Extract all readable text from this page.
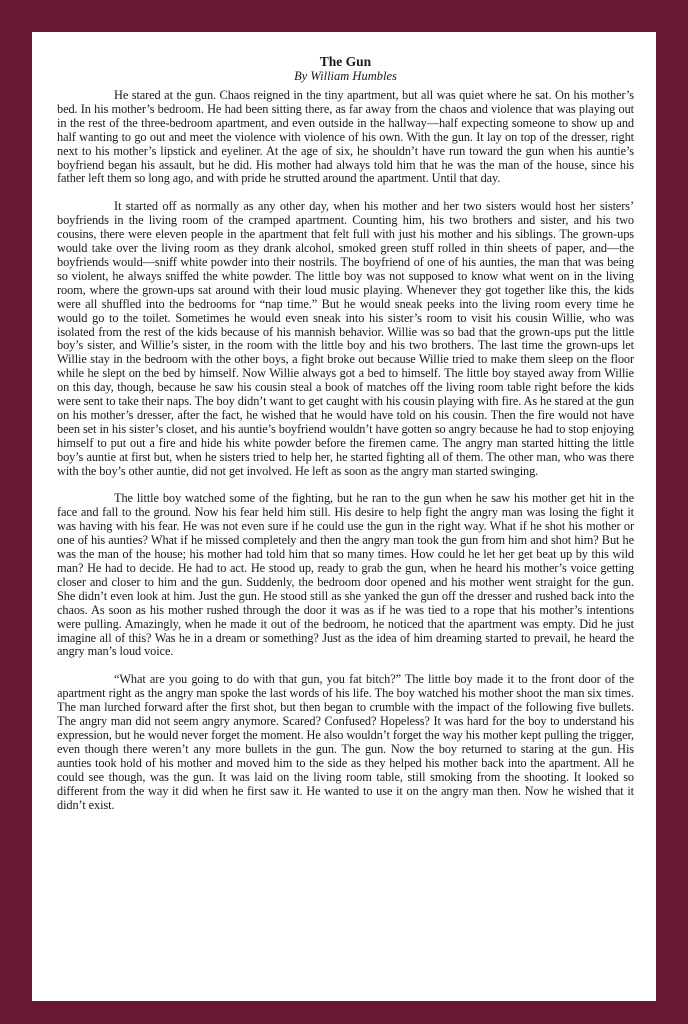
The Gun
By William Humbles

He stared at the gun. Chaos reigned in the tiny apartment, but all was quiet where he sat. On his mother’s bed. In his mother’s bedroom. He had been sitting there, as far away from the chaos and violence that was playing out in the rest of the three-bedroom apartment, and even outside in the hallway—half expecting someone to show up and half wanting to go out and meet the violence with violence of his own. With the gun. It lay on top of the dresser, right next to his mother’s lipstick and eyeliner. At the age of six, he shouldn’t have run toward the gun when his auntie’s boyfriend began his assault, but he did. His mother had always told him that he was the man of the house, since his father left them so long ago, and with pride he strutted around the apartment. Until that day.

It started off as normally as any other day, when his mother and her two sisters would host her sisters’ boyfriends in the living room of the cramped apartment. Counting him, his two brothers and sister, and his two cousins, there were eleven people in the apartment that felt full with just his mother and his siblings. The grown-ups would take over the living room as they drank alcohol, smoked green stuff rolled in thin sheets of paper, and—the boyfriends would—sniff white powder into their nostrils. The boyfriend of one of his aunties, the man that was being so violent, he always sniffed the white powder. The little boy was not supposed to know what went on in the living room, where the grown-ups sat around with their loud music playing. Whenever they got together like this, the kids were all shuffled into the bedrooms for “nap time.” But he would sneak peeks into the living room every time he would go to the toilet. Sometimes he would even sneak into his sister’s room to visit his cousin Willie, who was isolated from the rest of the kids because of his mannish behavior. Willie was so bad that the grown-ups put the little boy’s sister, and Willie’s sister, in the room with the little boy and his two brothers. The last time the grown-ups let Willie stay in the bedroom with the other boys, a fight broke out because Willie tried to make them sleep on the floor while he slept on the bed by himself. Now Willie always got a bed to himself. The little boy stayed away from Willie on this day, though, because he saw his cousin steal a book of matches off the living room table right before the kids were sent to take their naps. The boy didn’t want to get caught with his cousin playing with fire. As he stared at the gun on his mother’s dresser, after the fact, he wished that he would have told on his cousin. Then the fire would not have been set in his sister’s closet, and his auntie’s boyfriend wouldn’t have gotten so angry because he had to stop enjoying himself to put out a fire and hide his white powder before the firemen came. The angry man started hitting the little boy’s auntie at first but, when he sisters tried to help her, he started fighting all of them. The other man, who was there with the boy’s other auntie, did not get involved. He left as soon as the angry man started swinging.

The little boy watched some of the fighting, but he ran to the gun when he saw his mother get hit in the face and fall to the ground. Now his fear held him still. His desire to help fight the angry man was losing the fight it was having with his fear. He was not even sure if he could use the gun in the right way. What if he shot his mother or one of his aunties? What if he missed completely and then the angry man took the gun from him and shot him? But he was the man of the house; his mother had told him that so many times. How could he let her get beat up by this wild man? He had to decide. He had to act. He stood up, ready to grab the gun, when he heard his mother’s voice getting closer and closer to him and the gun. Suddenly, the bedroom door opened and his mother went straight for the gun. She didn’t even look at him. Just the gun. He stood still as she yanked the gun off the dresser and rushed back into the chaos. As soon as his mother rushed through the door it was as if he was tied to a rope that his mother’s intentions were pulling. Amazingly, when he made it out of the bedroom, he noticed that the apartment was empty. Did he just imagine all of this? Was he in a dream or something? Just as the idea of him dreaming started to prevail, he heard the angry man’s loud voice.

“What are you going to do with that gun, you fat bitch?” The little boy made it to the front door of the apartment right as the angry man spoke the last words of his life. The boy watched his mother shoot the man six times. The man lurched forward after the first shot, but then began to crumble with the impact of the following five bullets. The angry man did not seem angry anymore. Scared? Confused? Hopeless? It was hard for the boy to understand his expression, but he would never forget the moment. He also wouldn’t forget the way his mother kept pulling the trigger, even though there weren’t any more bullets in the gun. The gun. Now the boy returned to staring at the gun. His aunties took hold of his mother and moved him to the side as they helped his mother back into the apartment. All he could see though, was the gun. It was laid on the living room table, still smoking from the shooting. It looked so different from the way it did when he first saw it. He wanted to use it on the angry man then. Now he wished that it didn’t exist.
